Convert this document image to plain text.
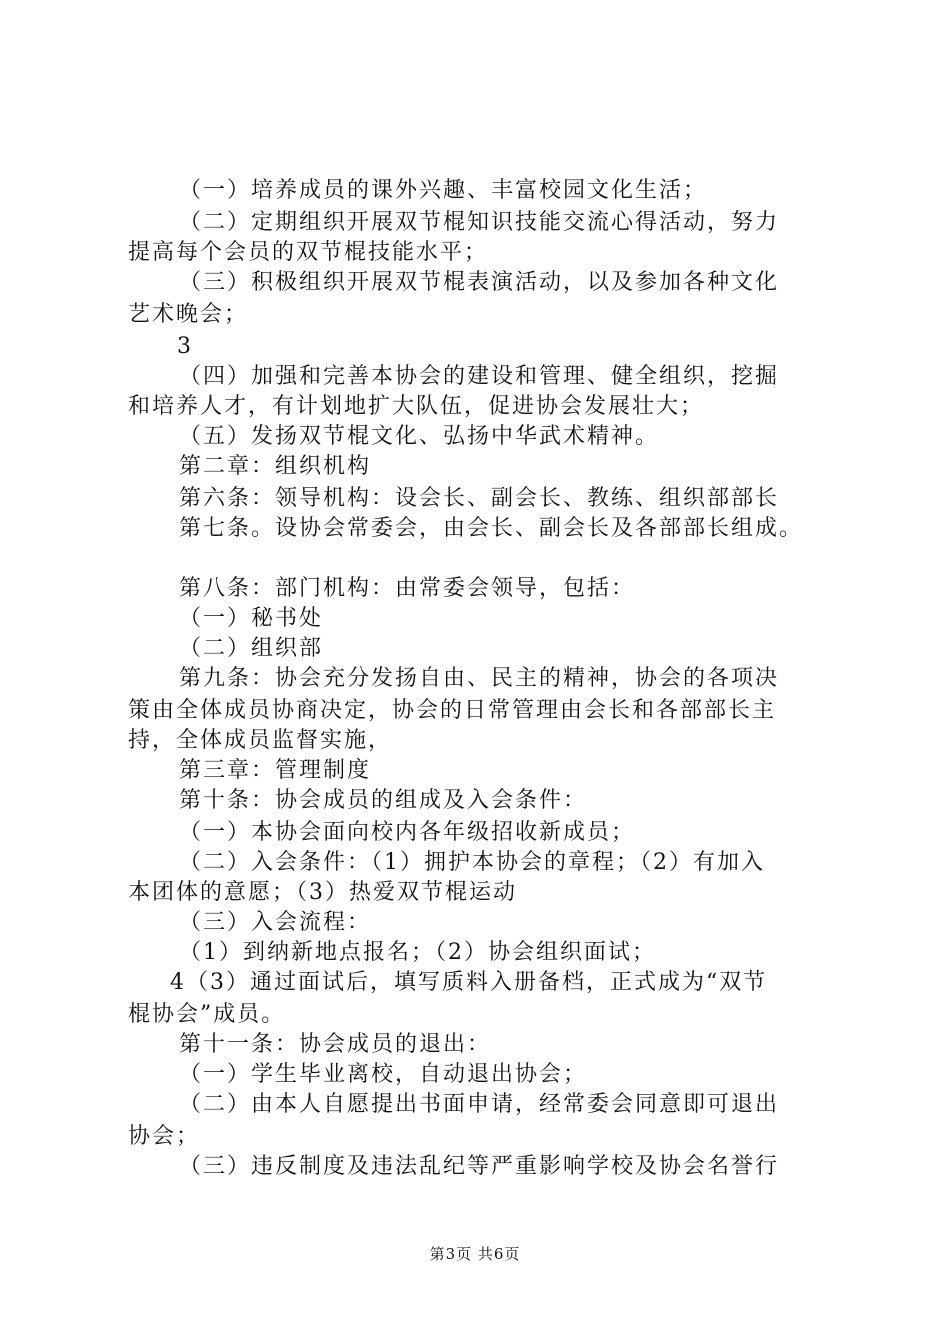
（一）培养成员的课外兴趣、丰富校园文化生活；
（二）定期组织开展双节棍知识技能交流心得活动，努力
提高每个会员的双节棍技能水平；
（三）积极组织开展双节棍表演活动，以及参加各种文化
艺术晚会；
3
（四）加强和完善本协会的建设和管理、健全组织，挖掘
和培养人才，有计划地扩大队伍，促进协会发展壮大；
（五）发扬双节棍文化、弘扬中华武术精神。
第二章：组织机构
第六条：领导机构：设会长、副会长、教练、组织部部长
第七条。设协会常委会，由会长、副会长及各部部长组成。
第八条：部门机构：由常委会领导，包括：
（一）秘书处
（二）组织部
第九条：协会充分发扬自由、民主的精神，协会的各项决
策由全体成员协商决定，协会的日常管理由会长和各部部长主
持，全体成员监督实施，
第三章：管理制度
第十条：协会成员的组成及入会条件：
（一）本协会面向校内各年级招收新成员；
（二）入会条件：（1）拥护本协会的章程；（2）有加入
本团体的意愿；（3）热爱双节棍运动
（三）入会流程：
（1）到纳新地点报名；（2）协会组织面试；
4（3）通过面试后，填写质料入册备档，正式成为“双节
棍协会”成员。
第十一条：协会成员的退出：
（一）学生毕业离校，自动退出协会；
（二）由本人自愿提出书面申请，经常委会同意即可退出
协会；
（三）违反制度及违法乱纪等严重影响学校及协会名誉行
第3页 共6页
